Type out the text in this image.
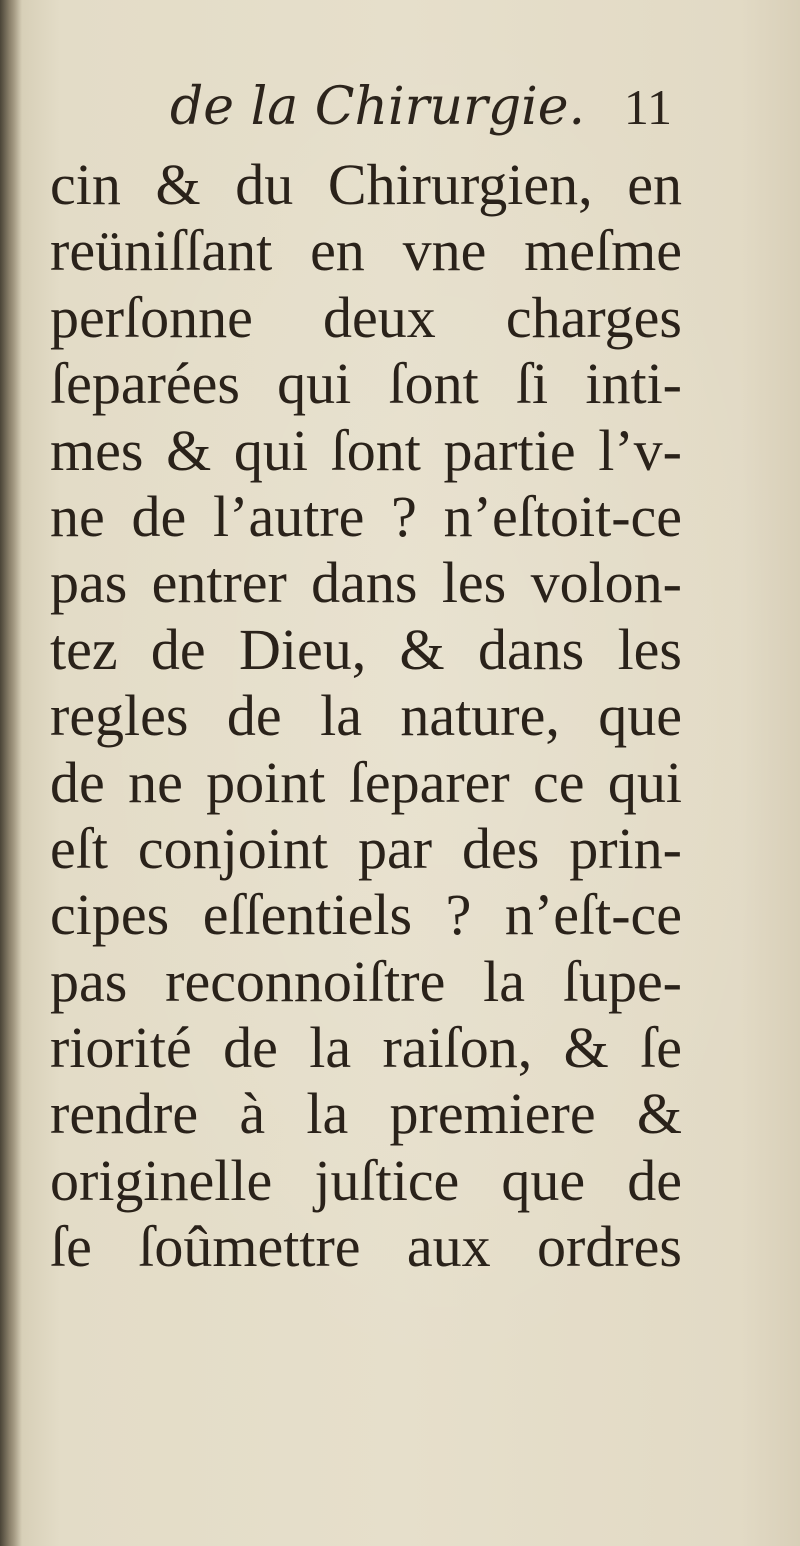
de la Chirurgie. 11
cin & du Chirurgien, en
reüniſſant en vne meſme
perſonne deux charges
ſeparées qui ſont ſi inti-
mes & qui ſont partie l’v-
ne de l’autre ? n’eſtoit-ce
pas entrer dans les volon-
tez de Dieu, & dans les
regles de la nature, que
de ne point ſeparer ce qui
eſt conjoint par des prin-
cipes eſſentiels ? n’eſt-ce
pas reconnoiſtre la ſupe-
riorité de la raiſon, & ſe
rendre à la premiere &
originelle juſtice que de
ſe ſoûmettre aux ordres
